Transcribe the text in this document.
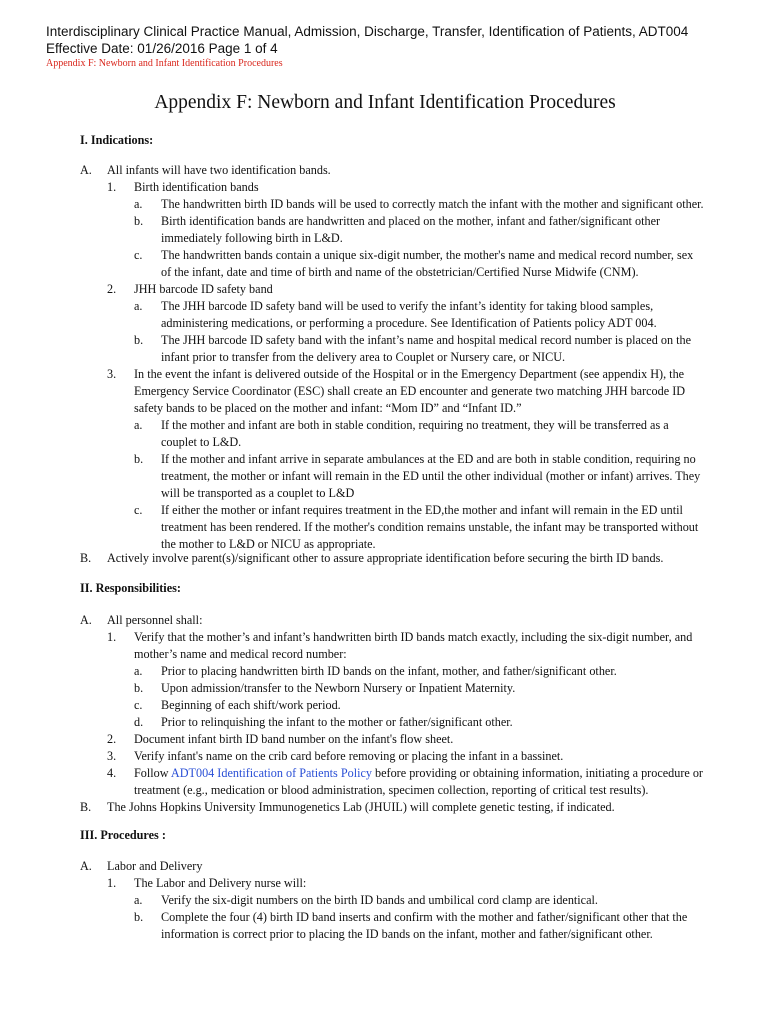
Interdisciplinary Clinical Practice Manual, Admission, Discharge, Transfer, Identification of Patients, ADT004
Effective Date: 01/26/2016 Page 1 of 4
Appendix F: Newborn and Infant Identification Procedures
Appendix F: Newborn and Infant Identification Procedures
I. Indications:
II. Responsibilities:
III. Procedures :
A. All infants will have two identification bands.
1. Birth identification bands
a. The handwritten birth ID bands will be used to correctly match the infant with the mother and significant other.
b. Birth identification bands are handwritten and placed on the mother, infant and father/significant other
immediately following birth in L&D.
c. The handwritten bands contain a unique six-digit number, the mother's name and medical record number, sex
of the infant, date and time of birth and name of the obstetrician/Certified Nurse Midwife (CNM).
2. JHH barcode ID safety band
a. The JHH barcode ID safety band will be used to verify the infant’s identity for taking blood samples,
administering medications, or performing a procedure. See Identification of Patients policy ADT 004.
b. The JHH barcode ID safety band with the infant’s name and hospital medical record number is placed on the
infant prior to transfer from the delivery area to Couplet or Nursery care, or NICU.
3. In the event the infant is delivered outside of the Hospital or in the Emergency Department (see appendix H), the
Emergency Service Coordinator (ESC) shall create an ED encounter and generate two matching JHH barcode ID
safety bands to be placed on the mother and infant: “Mom ID” and “Infant ID.”
a. If the mother and infant are both in stable condition, requiring no treatment, they will be transferred as a
couplet to L&D.
b. If the mother and infant arrive in separate ambulances at the ED and are both in stable condition, requiring no
treatment, the mother or infant will remain in the ED until the other individual (mother or infant) arrives. They
will be transported as a couplet to L&D
c. If either the mother or infant requires treatment in the ED,the mother and infant will remain in the ED until
treatment has been rendered. If the mother's condition remains unstable, the infant may be transported without
the mother to L&D or NICU as appropriate.
B. Actively involve parent(s)/significant other to assure appropriate identification before securing the birth ID bands.
A. All personnel shall:
1. Verify that the mother’s and infant’s handwritten birth ID bands match exactly, including the six-digit number, and
mother’s name and medical record number:
a. Prior to placing handwritten birth ID bands on the infant, mother, and father/significant other.
b. Upon admission/transfer to the Newborn Nursery or Inpatient Maternity.
c. Beginning of each shift/work period.
d. Prior to relinquishing the infant to the mother or father/significant other.
2. Document infant birth ID band number on the infant's flow sheet.
3. Verify infant's name on the crib card before removing or placing the infant in a bassinet.
4. Follow ADT004 Identification of Patients Policy before providing or obtaining information, initiating a procedure or
treatment (e.g., medication or blood administration, specimen collection, reporting of critical test results).
B. The Johns Hopkins University Immunogenetics Lab (JHUIL) will complete genetic testing, if indicated.
A. Labor and Delivery
1. The Labor and Delivery nurse will:
a. Verify the six-digit numbers on the birth ID bands and umbilical cord clamp are identical.
b. Complete the four (4) birth ID band inserts and confirm with the mother and father/significant other that the
information is correct prior to placing the ID bands on the infant, mother and father/significant other.
